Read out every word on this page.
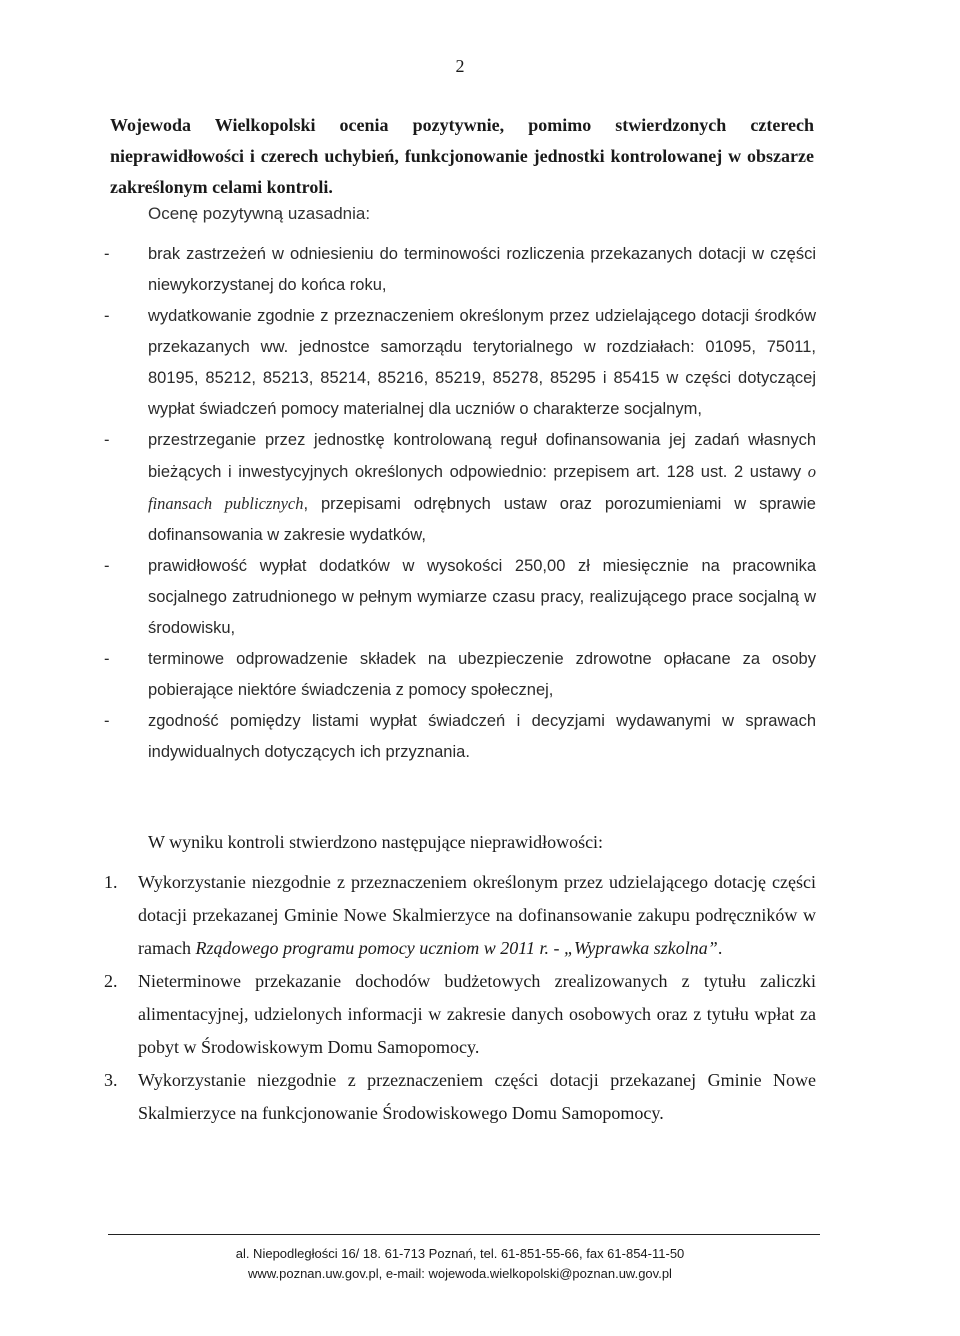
2

Wojewoda Wielkopolski ocenia pozytywnie, pomimo stwierdzonych czterech nieprawidłowości i czerech uchybień, funkcjonowanie jednostki kontrolowanej w obszarze zakreślonym celami kontroli.

Ocenę pozytywną uzasadnia:
- brak zastrzeżeń w odniesieniu do terminowości rozliczenia przekazanych dotacji w części niewykorzystanej do końca roku,
- wydatkowanie zgodnie z przeznaczeniem określonym przez udzielającego dotacji środków przekazanych ww. jednostce samorządu terytorialnego w rozdziałach: 01095, 75011, 80195, 85212, 85213, 85214, 85216, 85219, 85278, 85295 i 85415 w części dotyczącej wypłat świadczeń pomocy materialnej dla uczniów o charakterze socjalnym,
- przestrzeganie przez jednostkę kontrolowaną reguł dofinansowania jej zadań własnych bieżących i inwestycyjnych określonych odpowiednio: przepisem art. 128 ust. 2 ustawy o finansach publicznych, przepisami odrębnych ustaw oraz porozumieniami w sprawie dofinansowania w zakresie wydatków,
- prawidłowość wypłat dodatków w wysokości 250,00 zł miesięcznie na pracownika socjalnego zatrudnionego w pełnym wymiarze czasu pracy, realizującego prace socjalną w środowisku,
- terminowe odprowadzenie składek na ubezpieczenie zdrowotne opłacane za osoby pobierające niektóre świadczenia z pomocy społecznej,
- zgodność pomiędzy listami wypłat świadczeń i decyzjami wydawanymi w sprawach indywidualnych dotyczących ich przyznania.
W wyniku kontroli stwierdzono następujące nieprawidłowości:
1. Wykorzystanie niezgodnie z przeznaczeniem określonym przez udzielającego dotację części dotacji przekazanej Gminie Nowe Skalmierzyce na dofinansowanie zakupu podręczników w ramach Rządowego programu pomocy uczniom w 2011 r. - „Wyprawka szkolna”.
2. Nieterminowe przekazanie dochodów budżetowych zrealizowanych z tytułu zaliczki alimentacyjnej, udzielonych informacji w zakresie danych osobowych oraz z tytułu wpłat za pobyt w Środowiskowym Domu Samopomocy.
3. Wykorzystanie niezgodnie z przeznaczeniem części dotacji przekazanej Gminie Nowe Skalmierzyce na funkcjonowanie Środowiskowego Domu Samopomocy.
al. Niepodległości 16/ 18. 61-713 Poznań, tel. 61-851-55-66, fax 61-854-11-50
www.poznan.uw.gov.pl, e-mail: wojewoda.wielkopolski@poznan.uw.gov.pl
